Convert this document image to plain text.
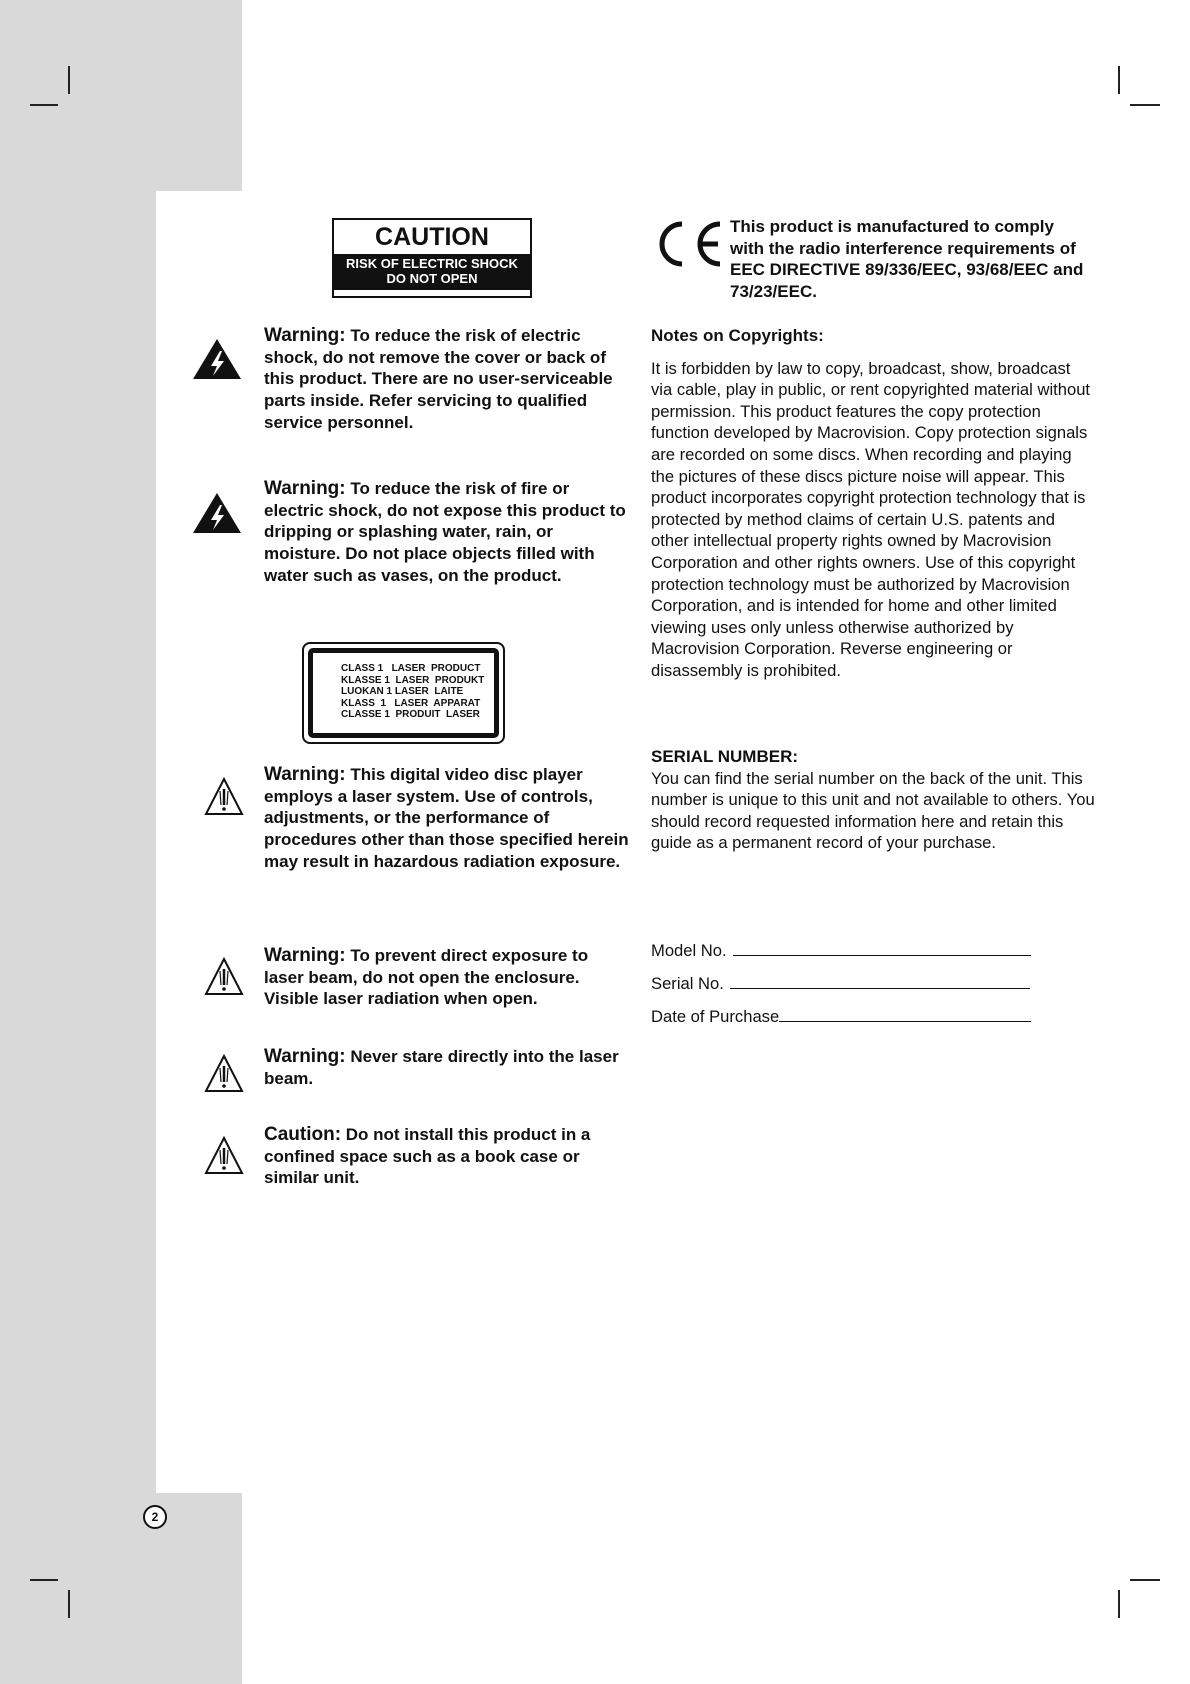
CAUTION
RISK OF ELECTRIC SHOCK
DO NOT OPEN
Warning: To reduce the risk of electric shock, do not remove the cover or back of this product. There are no user-serviceable parts inside. Refer servicing to qualified service personnel.
Warning: To reduce the risk of fire or electric shock, do not expose this product to dripping or splashing water, rain, or moisture. Do not place objects filled with water such as vases, on the product.
CLASS 1   LASER  PRODUCT
KLASSE 1  LASER  PRODUKT
LUOKAN 1 LASER  LAITE
KLASS  1   LASER  APPARAT
CLASSE 1  PRODUIT  LASER
Warning: This digital video disc player employs a laser system. Use of controls, adjustments, or the performance of procedures other than those specified herein may result in hazardous radiation exposure.
Warning: To prevent direct exposure to laser beam, do not open the enclosure. Visible laser radiation when open.
Warning: Never stare directly into the laser beam.
Caution: Do not install this product in a confined space such as a book case or similar unit.
This product is manufactured to comply with the radio interference requirements of EEC DIRECTIVE 89/336/EEC, 93/68/EEC and 73/23/EEC.
Notes on Copyrights:
It is forbidden by law to copy, broadcast, show, broadcast via cable, play in public, or rent copyrighted material without permission. This product features the copy protection function developed by Macrovision. Copy protection signals are recorded on some discs. When recording and playing the pictures of these discs picture noise will appear. This product incorporates copyright protection technology that is protected by method claims of certain U.S. patents and other intellectual property rights owned by Macrovision Corporation and other rights owners. Use of this copyright protection technology must be authorized by Macrovision Corporation, and is intended for home and other limited viewing uses only unless otherwise authorized by Macrovision Corporation. Reverse engineering or disassembly is prohibited.
SERIAL NUMBER:
You can find the serial number on the back of the unit. This number is unique to this unit and not available to others. You should record requested information here and retain this guide as a permanent record of your purchase.
Model No.
Serial No.
Date of Purchase
2
